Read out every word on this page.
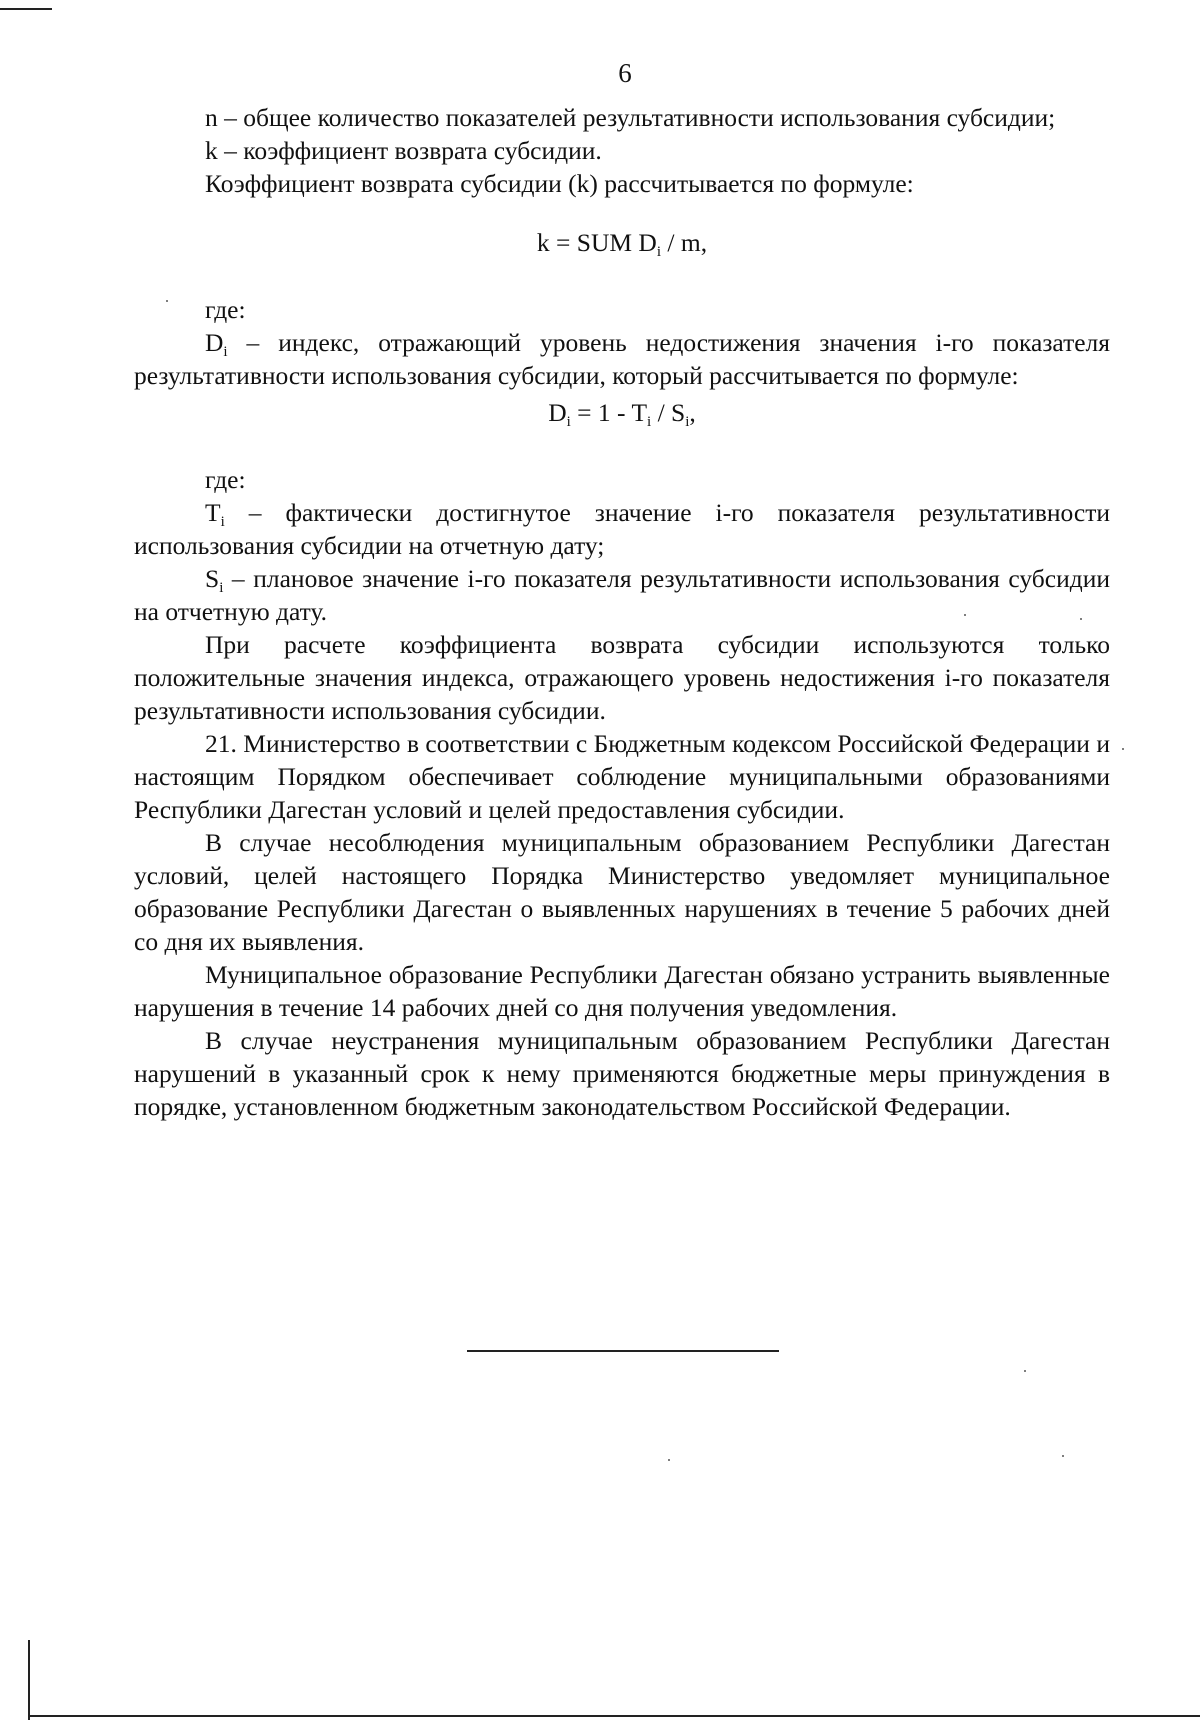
6

n – общее количество показателей результативности использования субсидии;

k – коэффициент возврата субсидии.

Коэффициент возврата субсидии (k) рассчитывается по формуле:

k = SUM $D_i$ / m,

где:

$D_i$ – индекс, отражающий уровень недостижения значения i-го показателя результативности использования субсидии, который рассчитывается по формуле:

$D_i = 1 - T_i / S_i$,

где:

$T_i$ – фактически достигнутое значение i-го показателя результативности использования субсидии на отчетную дату;

$S_i$ – плановое значение i-го показателя результативности использования субсидии на отчетную дату.

При расчете коэффициента возврата субсидии используются только положительные значения индекса, отражающего уровень недостижения i-го показателя результативности использования субсидии.

21. Министерство в соответствии с Бюджетным кодексом Российской Федерации и настоящим Порядком обеспечивает соблюдение муниципальными образованиями Республики Дагестан условий и целей предоставления субсидии.

В случае несоблюдения муниципальным образованием Республики Дагестан условий, целей настоящего Порядка Министерство уведомляет муниципальное образование Республики Дагестан о выявленных нарушениях в течение 5 рабочих дней со дня их выявления.

Муниципальное образование Республики Дагестан обязано устранить выявленные нарушения в течение 14 рабочих дней со дня получения уведомления.

В случае неустранения муниципальным образованием Республики Дагестан нарушений в указанный срок к нему применяются бюджетные меры принуждения в порядке, установленном бюджетным законодательством Российской Федерации.
